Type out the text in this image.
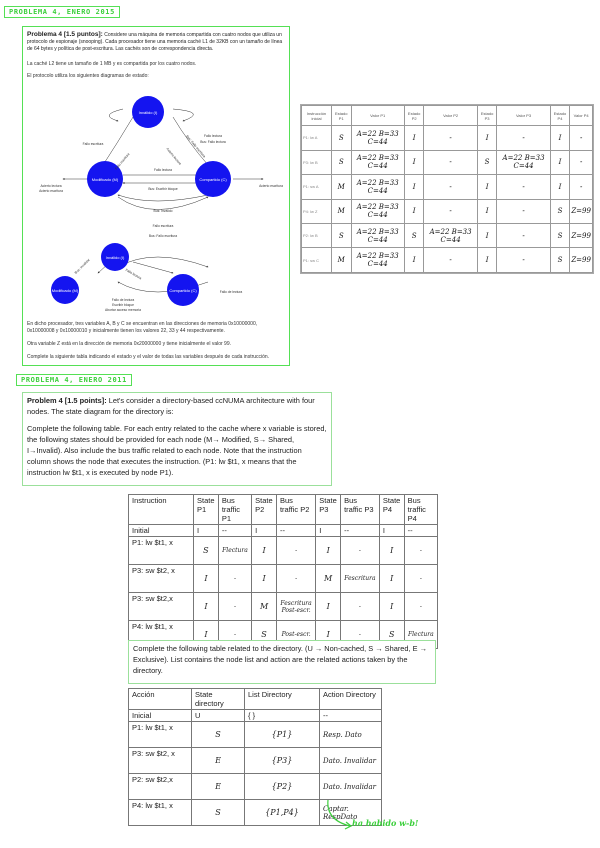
PROBLEMA 4, ENERO 2015
Problema 4 [1.5 puntos]: Considere una máquina de memoria compartida con cuatro nodos que utiliza un protocolo de espionaje (snooping). Cada procesador tiene una memoria caché L1 de 32KB con un tamaño de línea de 64 bytes y política de post-escritura. Las cachés son de correspondencia directa.
La caché L2 tiene un tamaño de 1 MB y es compartida por los cuatro nodos.
El protocolo utiliza los siguientes diagramas de estado:
Inválido (I)
Modificado (M)	Compartido (C)
Inválido (I)
Modificado (M)	Compartido (C)
Fallo escritura
Fallo lectura
Bus: Fallo lectura
Fallo escritura
Acierto lectura
Acierto escritura
Fallo lectura
Bus: Escribir bloque
Acierto escritura
Bus: Inválido
Fallo escritura
Bus: Fallo escritura
Acierto lectura Bus: Fallo escritura
Fallo lectura
Bus: Invalidar
Fallo de lectura
Escribir bloque
Abortar acceso memoria
Fallo de lectura
En dicho procesador, tres variables A, B y C se encuentran en las direcciones de memoria 0x10000000, 0x10000008 y 0x10000010 y inicialmente tienen los valores 22, 33 y 44 respectivamente.
Otra variable Z está en la dirección de memoria 0x20000000 y tiene inicialmente el valor 99.
Complete la siguiente tabla indicando el estado y el valor de todas las variables después de cada instrucción.
Instrucción inicial	Estado P1	Valor P1	Estado P2	Valor P2	Estado P3	Valor P3	Estado P4	Valor P4
P1: lw A	S	A=22 B=33 C=44	I	-	I	-	I	-
P3: lw B	S	A=22 B=33 C=44	I	-	S	A=22 B=33 C=44	I	-
P1: sw A	M	A=22 B=33 C=44	I	-	I	-	I	-
P4: lw Z	M	A=22 B=33 C=44	I	-	I	-	S	Z=99
P2: lw B	S	A=22 B=33 C=44	S	A=22 B=33 C=44	I	-	S	Z=99
P1: sw C	M	A=22 B=33 C=44	I	-	I	-	S	Z=99
PROBLEMA 4, ENERO 2011
Problem 4 [1.5 points]: Let's consider a directory-based ccNUMA architecture with four nodes. The state diagram for the directory is:
Complete the following table. For each entry related to the cache where x variable is stored, the following states should be provided for each node (M→ Modified, S→ Shared, I→Invalid). Also include the bus traffic related to each node. Note that the instruction column shows the node that executes the instruction. (P1: lw $t1, x means that the instruction lw $t1, x is executed by node P1).
Instruction	State P1	Bus traffic P1	State P2	Bus traffic P2	State P3	Bus traffic P3	State P4	Bus traffic P4
Initial	I	--	I	--	I	--	I	--
P1: lw $t1, x	S	Flectura	I	-	I	-	I	-
P3: sw $t2, x	I	-	I	-	M	Fescritura	I	-
P3: sw $t2,x	I	-	M	Fescritura Post-escr.	I	-	I	-
P4: lw $t1, x	I	-	S	Post-escr.	I	-	S	Flectura
Complete the following table related to the directory. (U → Non-cached, S → Shared, E → Exclusive). List contains the node list and action are the related actions taken by the directory.
Acción	State directory	List Directory	Action Directory
Inicial	U	{ }	--
P1: lw $t1, x	S	{P1}	Resp. Dato
P3: sw $t2, x	E	{P3}	Dato. Invalidar
P2: sw $t2,x	E	{P2}	Dato. Invalidar
P4: lw $t1, x	S	{P1,P4}	Captar. RespDato
ha habido w-b!
